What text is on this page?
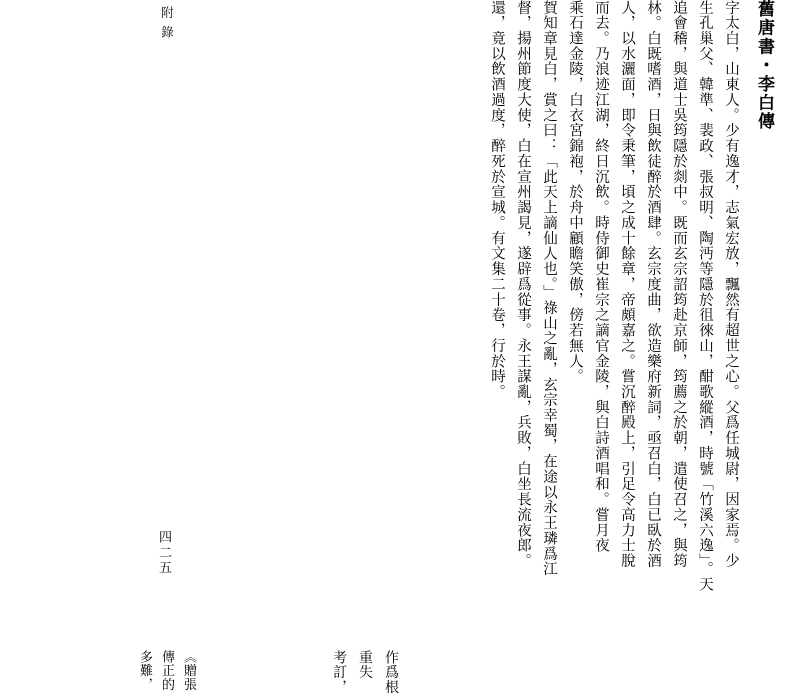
舊唐書・李白傳
字太白，山東人。少有逸才，志氣宏放，飄然有超世之心。父爲任城尉，因家焉。少
生孔巢父、韓準、裴政、張叔明、陶沔等隱於徂徠山，酣歌縱酒，時號「竹溪六逸」。天
追會稽，與道士吳筠隱於剡中。既而玄宗詔筠赴京師，筠薦之於朝，遣使召之，與筠
林。白既嗜酒，日與飲徒醉於酒肆。玄宗度曲，欲造樂府新詞，亟召白，白已臥於酒
人，以水灑面，即令秉筆，頃之成十餘章，帝頗嘉之。嘗沉醉殿上，引足令高力士脫
而去。乃浪迹江湖，終日沉飲。時侍御史崔宗之謫官金陵，與白詩酒唱和。嘗月夜
乘石達金陵，白衣宮錦袍，於舟中顧瞻笑傲，傍若無人。
賀知章見白，賞之曰：「此天上謫仙人也。」祿山之亂，玄宗幸蜀，在途以永王璘爲江
督，揚州節度大使，白在宣州謁見，遂辟爲從事。永王謀亂，兵敗，白坐長流夜郎。
還，竟以飲酒過度，醉死於宣城。有文集二十卷，行於時。
附錄
四二五
作爲根
重失
考訂，
《贈張
傳正的
多難，
